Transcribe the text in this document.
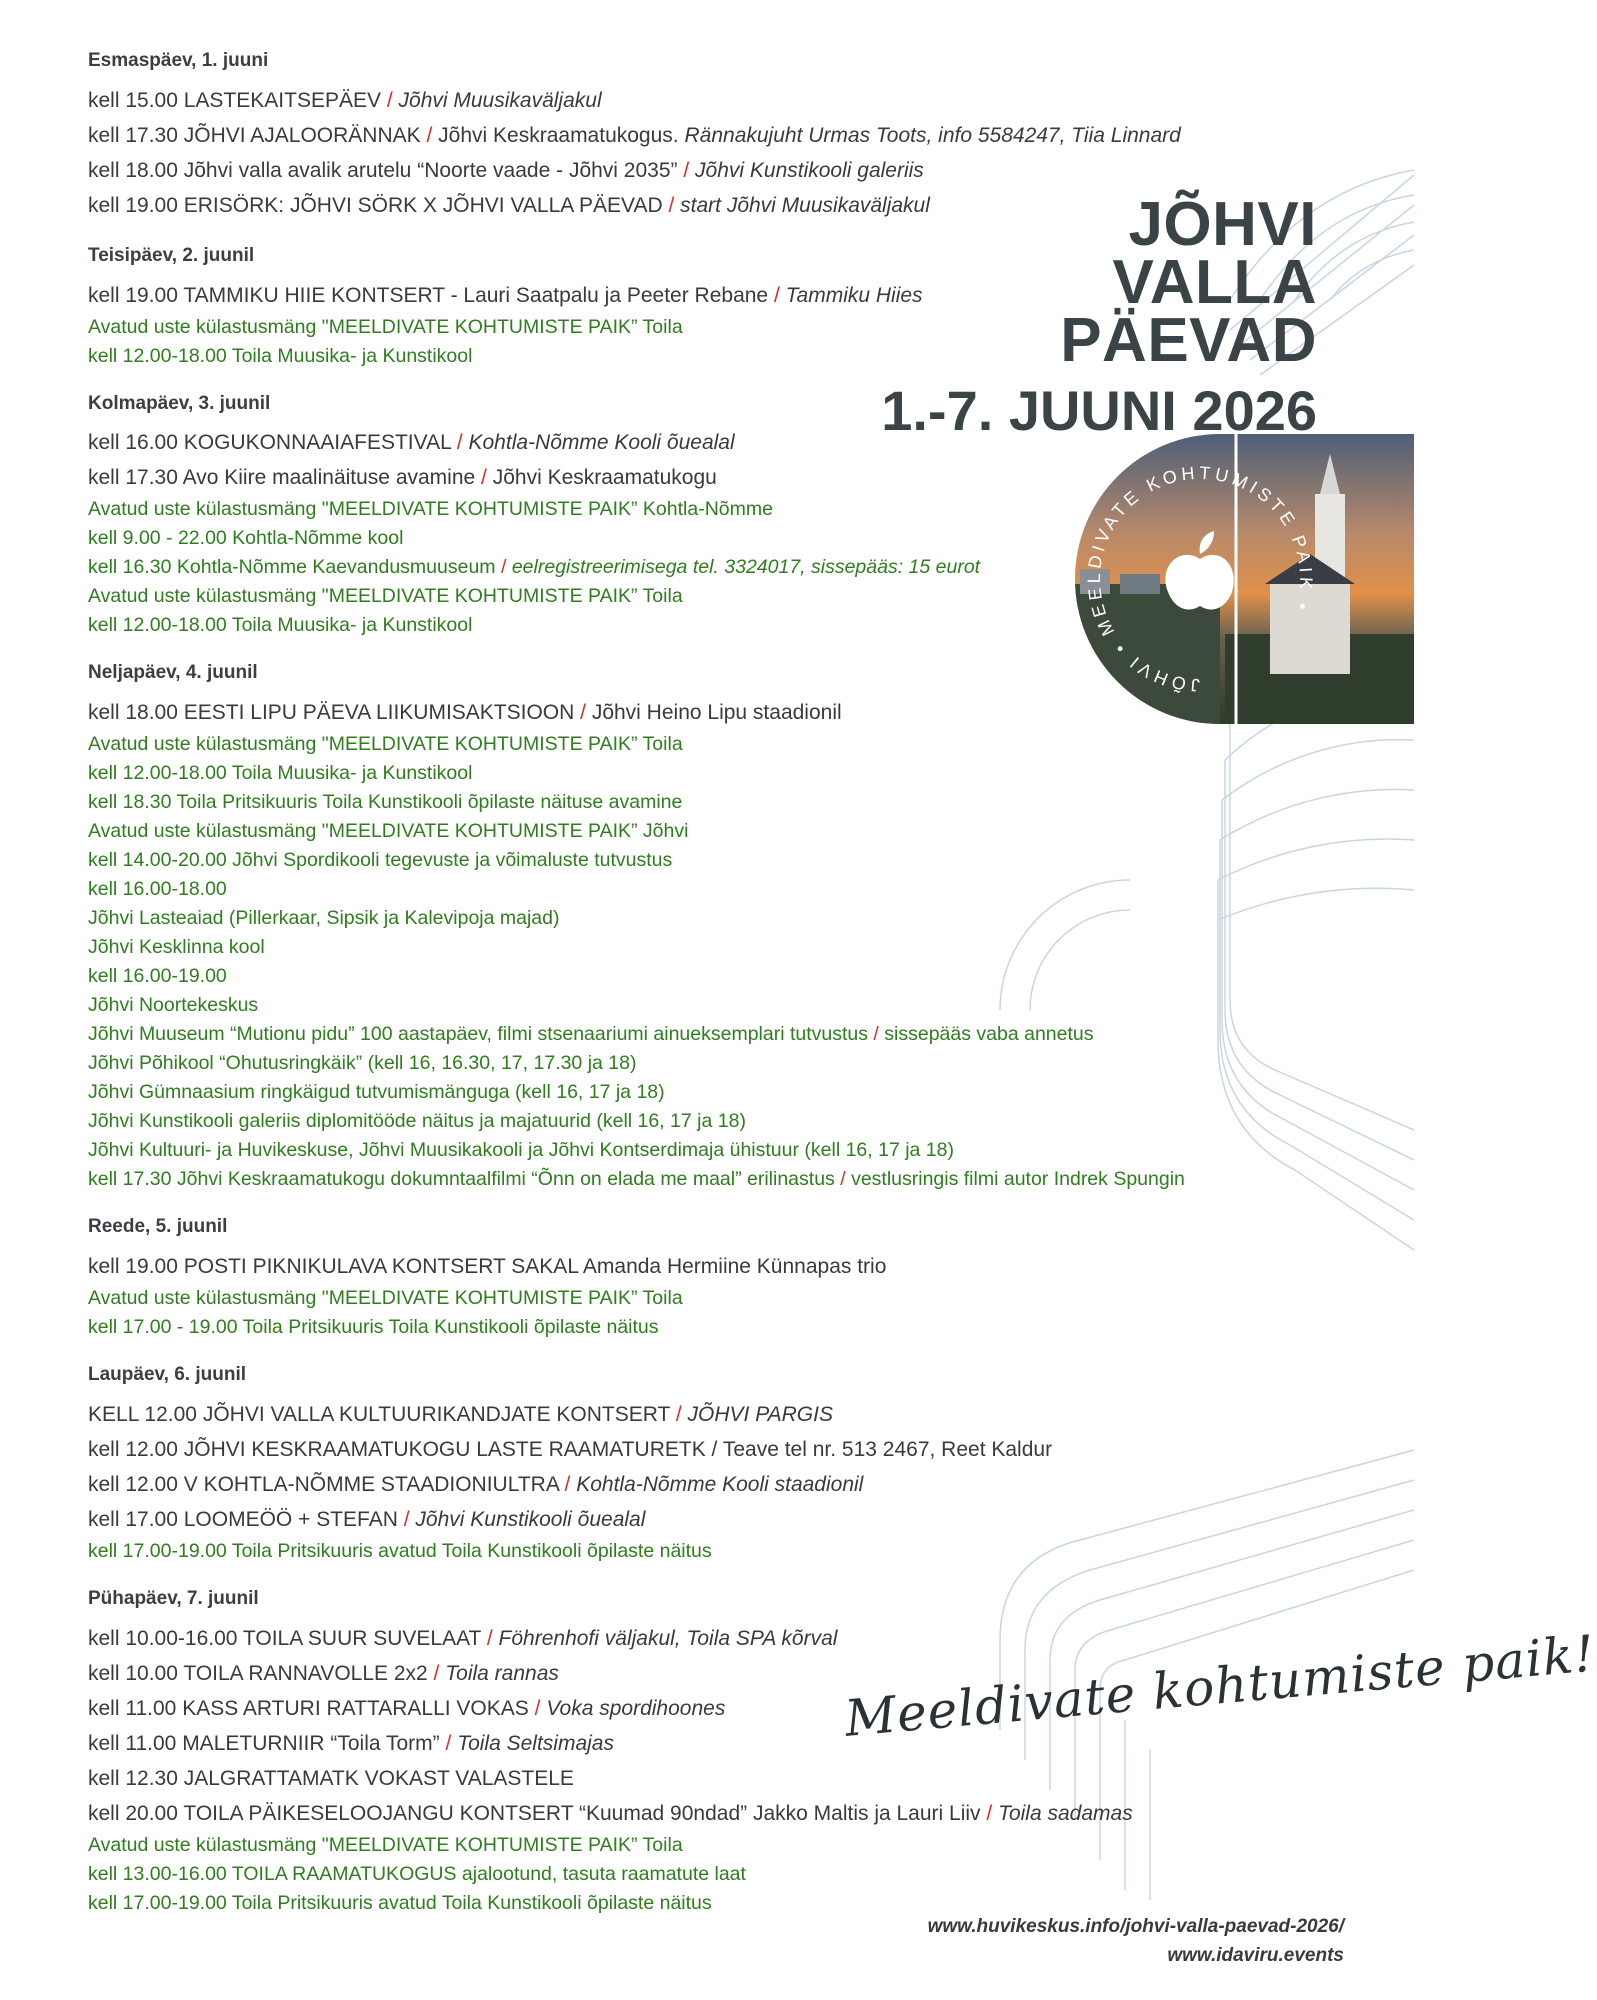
JÕHVI
VALLA
PÄEVAD
1.-7. JUUNI 2026
JÕHVI • MEELDIVATE KOHTUMISTE PAIK •
Esmaspäev, 1. juuni
kell 15.00 LASTEKAITSEPÄEV / Jõhvi Muusikaväljakul
kell 17.30 JÕHVI AJALOORÄNNAK / Jõhvi Keskraamatukogus. Rännakujuht Urmas Toots, info 5584247, Tiia Linnard
kell 18.00 Jõhvi valla avalik arutelu “Noorte vaade - Jõhvi 2035” / Jõhvi Kunstikooli galeriis
kell 19.00 ERISÖRK: JÕHVI SÖRK X JÕHVI VALLA PÄEVAD / start Jõhvi Muusikaväljakul
Teisipäev, 2. juunil
kell 19.00 TAMMIKU HIIE KONTSERT - Lauri Saatpalu ja Peeter Rebane / Tammiku Hiies
Avatud uste külastusmäng "MEELDIVATE KOHTUMISTE PAIK” Toila
kell 12.00-18.00 Toila Muusika- ja Kunstikool
Kolmapäev, 3. juunil
kell 16.00 KOGUKONNAAIAFESTIVAL / Kohtla-Nõmme Kooli õuealal
kell 17.30 Avo Kiire maalinäituse avamine / Jõhvi Keskraamatukogu
Avatud uste külastusmäng "MEELDIVATE KOHTUMISTE PAIK” Kohtla-Nõmme
kell 9.00 - 22.00 Kohtla-Nõmme kool
kell 16.30 Kohtla-Nõmme Kaevandusmuuseum / eelregistreerimisega tel. 3324017, sissepääs: 15 eurot
Avatud uste külastusmäng "MEELDIVATE KOHTUMISTE PAIK” Toila
kell 12.00-18.00 Toila Muusika- ja Kunstikool
Neljapäev, 4. juunil
kell 18.00 EESTI LIPU PÄEVA LIIKUMISAKTSIOON / Jõhvi Heino Lipu staadionil
Avatud uste külastusmäng "MEELDIVATE KOHTUMISTE PAIK” Toila
kell 12.00-18.00 Toila Muusika- ja Kunstikool
kell 18.30 Toila Pritsikuuris Toila Kunstikooli õpilaste näituse avamine
Avatud uste külastusmäng "MEELDIVATE KOHTUMISTE PAIK” Jõhvi
kell 14.00-20.00 Jõhvi Spordikooli tegevuste ja võimaluste tutvustus
kell 16.00-18.00
Jõhvi Lasteaiad (Pillerkaar, Sipsik ja Kalevipoja majad)
Jõhvi Kesklinna kool
kell 16.00-19.00
Jõhvi Noortekeskus
Jõhvi Muuseum “Mutionu pidu” 100 aastapäev, filmi stsenaariumi ainueksemplari tutvustus / sissepääs vaba annetus
Jõhvi Põhikool “Ohutusringkäik” (kell 16, 16.30, 17, 17.30 ja 18)
Jõhvi Gümnaasium ringkäigud tutvumismänguga (kell 16, 17 ja 18)
Jõhvi Kunstikooli galeriis diplomitööde näitus ja majatuurid (kell 16, 17 ja 18)
Jõhvi Kultuuri- ja Huvikeskuse, Jõhvi Muusikakooli ja Jõhvi Kontserdimaja ühistuur (kell 16, 17 ja 18)
kell 17.30 Jõhvi Keskraamatukogu dokumntaalfilmi “Õnn on elada me maal” erilinastus / vestlusringis filmi autor Indrek Spungin
Reede, 5. juunil
kell 19.00 POSTI PIKNIKULAVA KONTSERT SAKAL Amanda Hermiine Künnapas trio
Avatud uste külastusmäng "MEELDIVATE KOHTUMISTE PAIK” Toila
kell 17.00 - 19.00 Toila Pritsikuuris Toila Kunstikooli õpilaste näitus
Laupäev, 6. juunil
KELL 12.00 JÕHVI VALLA KULTUURIKANDJATE KONTSERT / JÕHVI PARGIS
kell 12.00 JÕHVI KESKRAAMATUKOGU LASTE RAAMATURETK / Teave tel nr. 513 2467, Reet Kaldur
kell 12.00 V KOHTLA-NÕMME STAADIONIULTRA / Kohtla-Nõmme Kooli staadionil
kell 17.00 LOOMEÖÖ + STEFAN / Jõhvi Kunstikooli õuealal
kell 17.00-19.00 Toila Pritsikuuris avatud Toila Kunstikooli õpilaste näitus
Pühapäev, 7. juunil
kell 10.00-16.00 TOILA SUUR SUVELAAT / Föhrenhofi väljakul, Toila SPA kõrval
kell 10.00 TOILA RANNAVOLLE 2x2 / Toila rannas
kell 11.00 KASS ARTURI RATTARALLI VOKAS / Voka spordihoones
kell 11.00 MALETURNIIR “Toila Torm” / Toila Seltsimajas
kell 12.30 JALGRATTAMATK VOKAST VALASTELE
kell 20.00 TOILA PÄIKESELOOJANGU KONTSERT “Kuumad 90ndad” Jakko Maltis ja Lauri Liiv / Toila sadamas
Avatud uste külastusmäng "MEELDIVATE KOHTUMISTE PAIK” Toila
kell 13.00-16.00 TOILA RAAMATUKOGUS ajalootund, tasuta raamatute laat
kell 17.00-19.00 Toila Pritsikuuris avatud Toila Kunstikooli õpilaste näitus
Meeldivate kohtumiste paik!
www.huvikeskus.info/johvi-valla-paevad-2026/
www.idaviru.events
